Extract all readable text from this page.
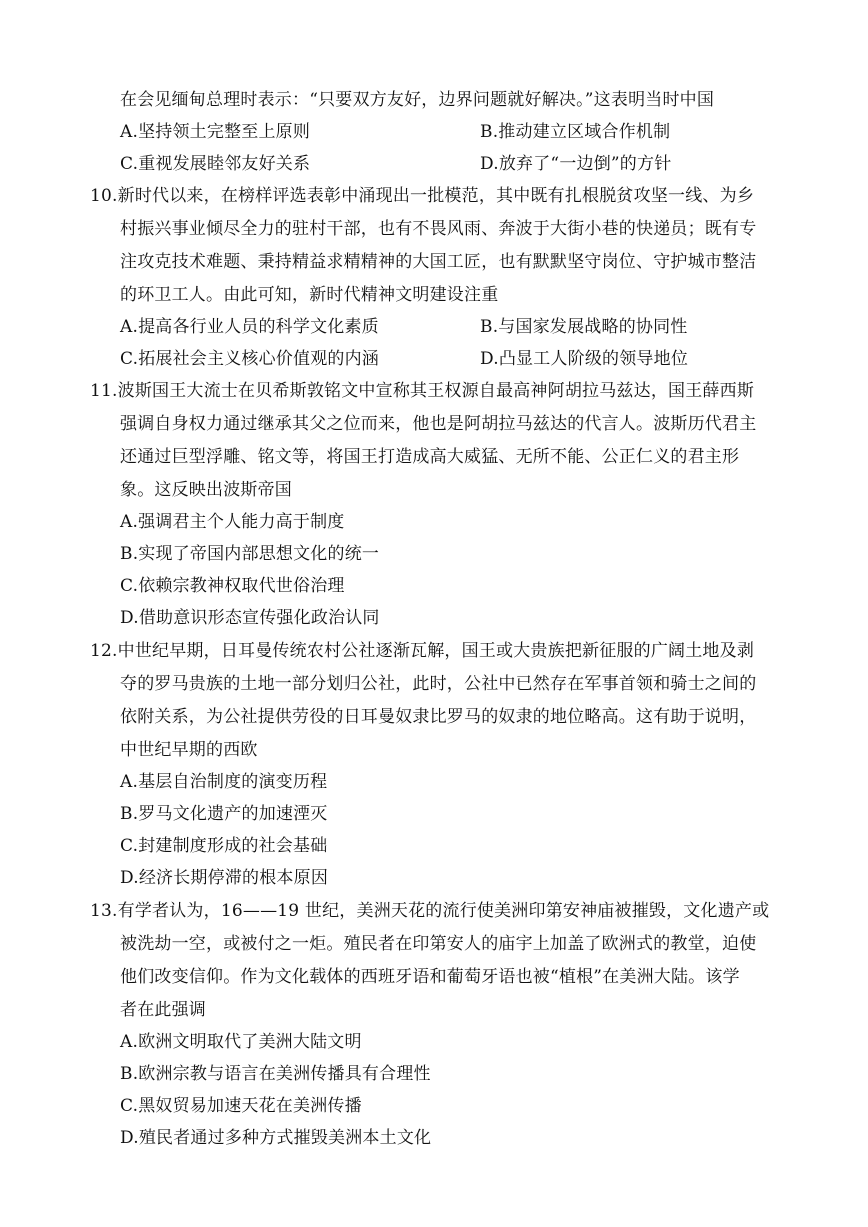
在会见缅甸总理时表示：“只要双方友好，边界问题就好解决。”这表明当时中国
A.坚持领土完整至上原则	B.推动建立区域合作机制
C.重视发展睦邻友好关系	D.放弃了“一边倒”的方针
10.新时代以来，在榜样评选表彰中涌现出一批模范，其中既有扎根脱贫攻坚一线、为乡
村振兴事业倾尽全力的驻村干部，也有不畏风雨、奔波于大街小巷的快递员；既有专
注攻克技术难题、秉持精益求精精神的大国工匠，也有默默坚守岗位、守护城市整洁
的环卫工人。由此可知，新时代精神文明建设注重
A.提高各行业人员的科学文化素质	B.与国家发展战略的协同性
C.拓展社会主义核心价值观的内涵	D.凸显工人阶级的领导地位
11.波斯国王大流士在贝希斯敦铭文中宣称其王权源自最高神阿胡拉马兹达，国王薛西斯
强调自身权力通过继承其父之位而来，他也是阿胡拉马兹达的代言人。波斯历代君主
还通过巨型浮雕、铭文等，将国王打造成高大威猛、无所不能、公正仁义的君主形
象。这反映出波斯帝国
A.强调君主个人能力高于制度
B.实现了帝国内部思想文化的统一
C.依赖宗教神权取代世俗治理
D.借助意识形态宣传强化政治认同
12.中世纪早期，日耳曼传统农村公社逐渐瓦解，国王或大贵族把新征服的广阔土地及剥
夺的罗马贵族的土地一部分划归公社，此时，公社中已然存在军事首领和骑士之间的
依附关系，为公社提供劳役的日耳曼奴隶比罗马的奴隶的地位略高。这有助于说明，
中世纪早期的西欧
A.基层自治制度的演变历程
B.罗马文化遗产的加速湮灭
C.封建制度形成的社会基础
D.经济长期停滞的根本原因
13.有学者认为，16——19 世纪，美洲天花的流行使美洲印第安神庙被摧毁，文化遗产或
被洗劫一空，或被付之一炬。殖民者在印第安人的庙宇上加盖了欧洲式的教堂，迫使
他们改变信仰。作为文化载体的西班牙语和葡萄牙语也被“植根”在美洲大陆。该学
者在此强调
A.欧洲文明取代了美洲大陆文明
B.欧洲宗教与语言在美洲传播具有合理性
C.黑奴贸易加速天花在美洲传播
D.殖民者通过多种方式摧毁美洲本土文化
